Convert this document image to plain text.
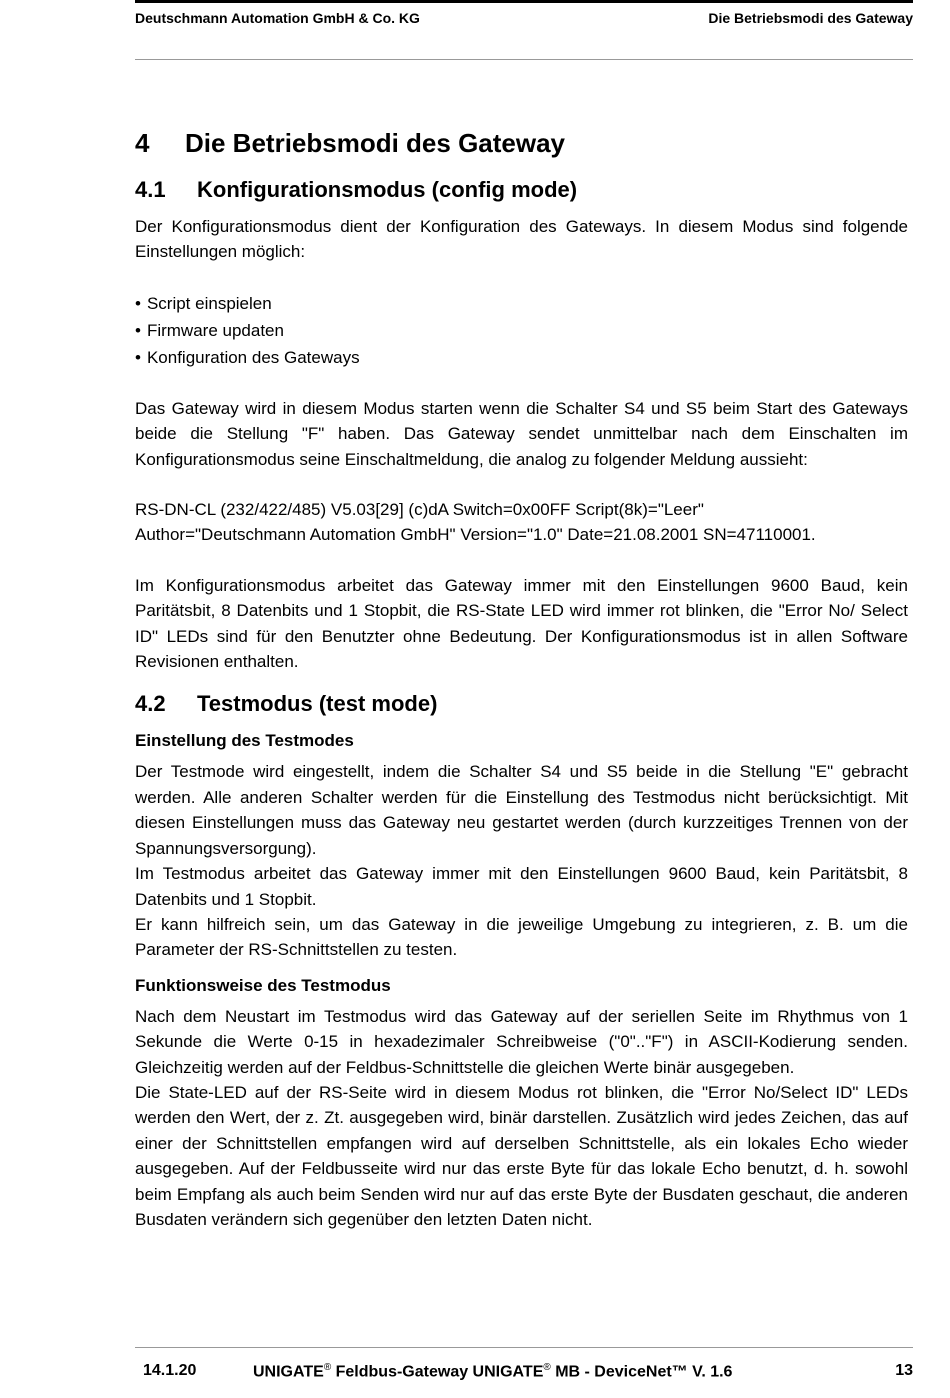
Deutschmann Automation GmbH & Co. KG	Die Betriebsmodi des Gateway
4	Die Betriebsmodi des Gateway
4.1	Konfigurationsmodus (config mode)

Der Konfigurationsmodus dient der Konfiguration des Gateways. In diesem Modus sind folgende Einstellungen möglich:

• Script einspielen
• Firmware updaten
• Konfiguration des Gateways

Das Gateway wird in diesem Modus starten wenn die Schalter S4 und S5 beim Start des Gateways beide die Stellung "F" haben. Das Gateway sendet unmittelbar nach dem Einschalten im Konfigurationsmodus seine Einschaltmeldung, die analog zu folgender Meldung aussieht:

RS-DN-CL (232/422/485) V5.03[29] (c)dA Switch=0x00FF Script(8k)="Leer"

Author="Deutschmann Automation GmbH" Version="1.0" Date=21.08.2001 SN=47110001.

Im Konfigurationsmodus arbeitet das Gateway immer mit den Einstellungen 9600 Baud, kein Paritätsbit, 8 Datenbits und 1 Stopbit, die RS-State LED wird immer rot blinken, die "Error No/ Select ID" LEDs sind für den Benutzter ohne Bedeutung. Der Konfigurationsmodus ist in allen Software Revisionen enthalten.

4.2	Testmodus (test mode)
Einstellung des Testmodes

Der Testmode wird eingestellt, indem die Schalter S4 und S5 beide in die Stellung "E" gebracht werden. Alle anderen Schalter werden für die Einstellung des Testmodus nicht berücksichtigt. Mit diesen Einstellungen muss das Gateway neu gestartet werden (durch kurzzeitiges Trennen von der Spannungsversorgung).

Im Testmodus arbeitet das Gateway immer mit den Einstellungen 9600 Baud, kein Paritätsbit, 8 Datenbits und 1 Stopbit.

Er kann hilfreich sein, um das Gateway in die jeweilige Umgebung zu integrieren, z. B. um die Parameter der RS-Schnittstellen zu testen.

Funktionsweise des Testmodus

Nach dem Neustart im Testmodus wird das Gateway auf der seriellen Seite im Rhythmus von 1 Sekunde die Werte 0-15 in hexadezimaler Schreibweise ("0".."F") in ASCII-Kodierung senden. Gleichzeitig werden auf der Feldbus-Schnittstelle die gleichen Werte binär ausgegeben.

Die State-LED auf der RS-Seite wird in diesem Modus rot blinken, die "Error No/Select ID" LEDs werden den Wert, der z. Zt. ausgegeben wird, binär darstellen. Zusätzlich wird jedes Zeichen, das auf einer der Schnittstellen empfangen wird auf derselben Schnittstelle, als ein lokales Echo wieder ausgegeben. Auf der Feldbusseite wird nur das erste Byte für das lokale Echo benutzt, d. h. sowohl beim Empfang als auch beim Senden wird nur auf das erste Byte der Busdaten geschaut, die anderen Busdaten verändern sich gegenüber den letzten Daten nicht.

14.1.20	UNIGATE® Feldbus-Gateway UNIGATE® MB - DeviceNet™ V. 1.6	13
